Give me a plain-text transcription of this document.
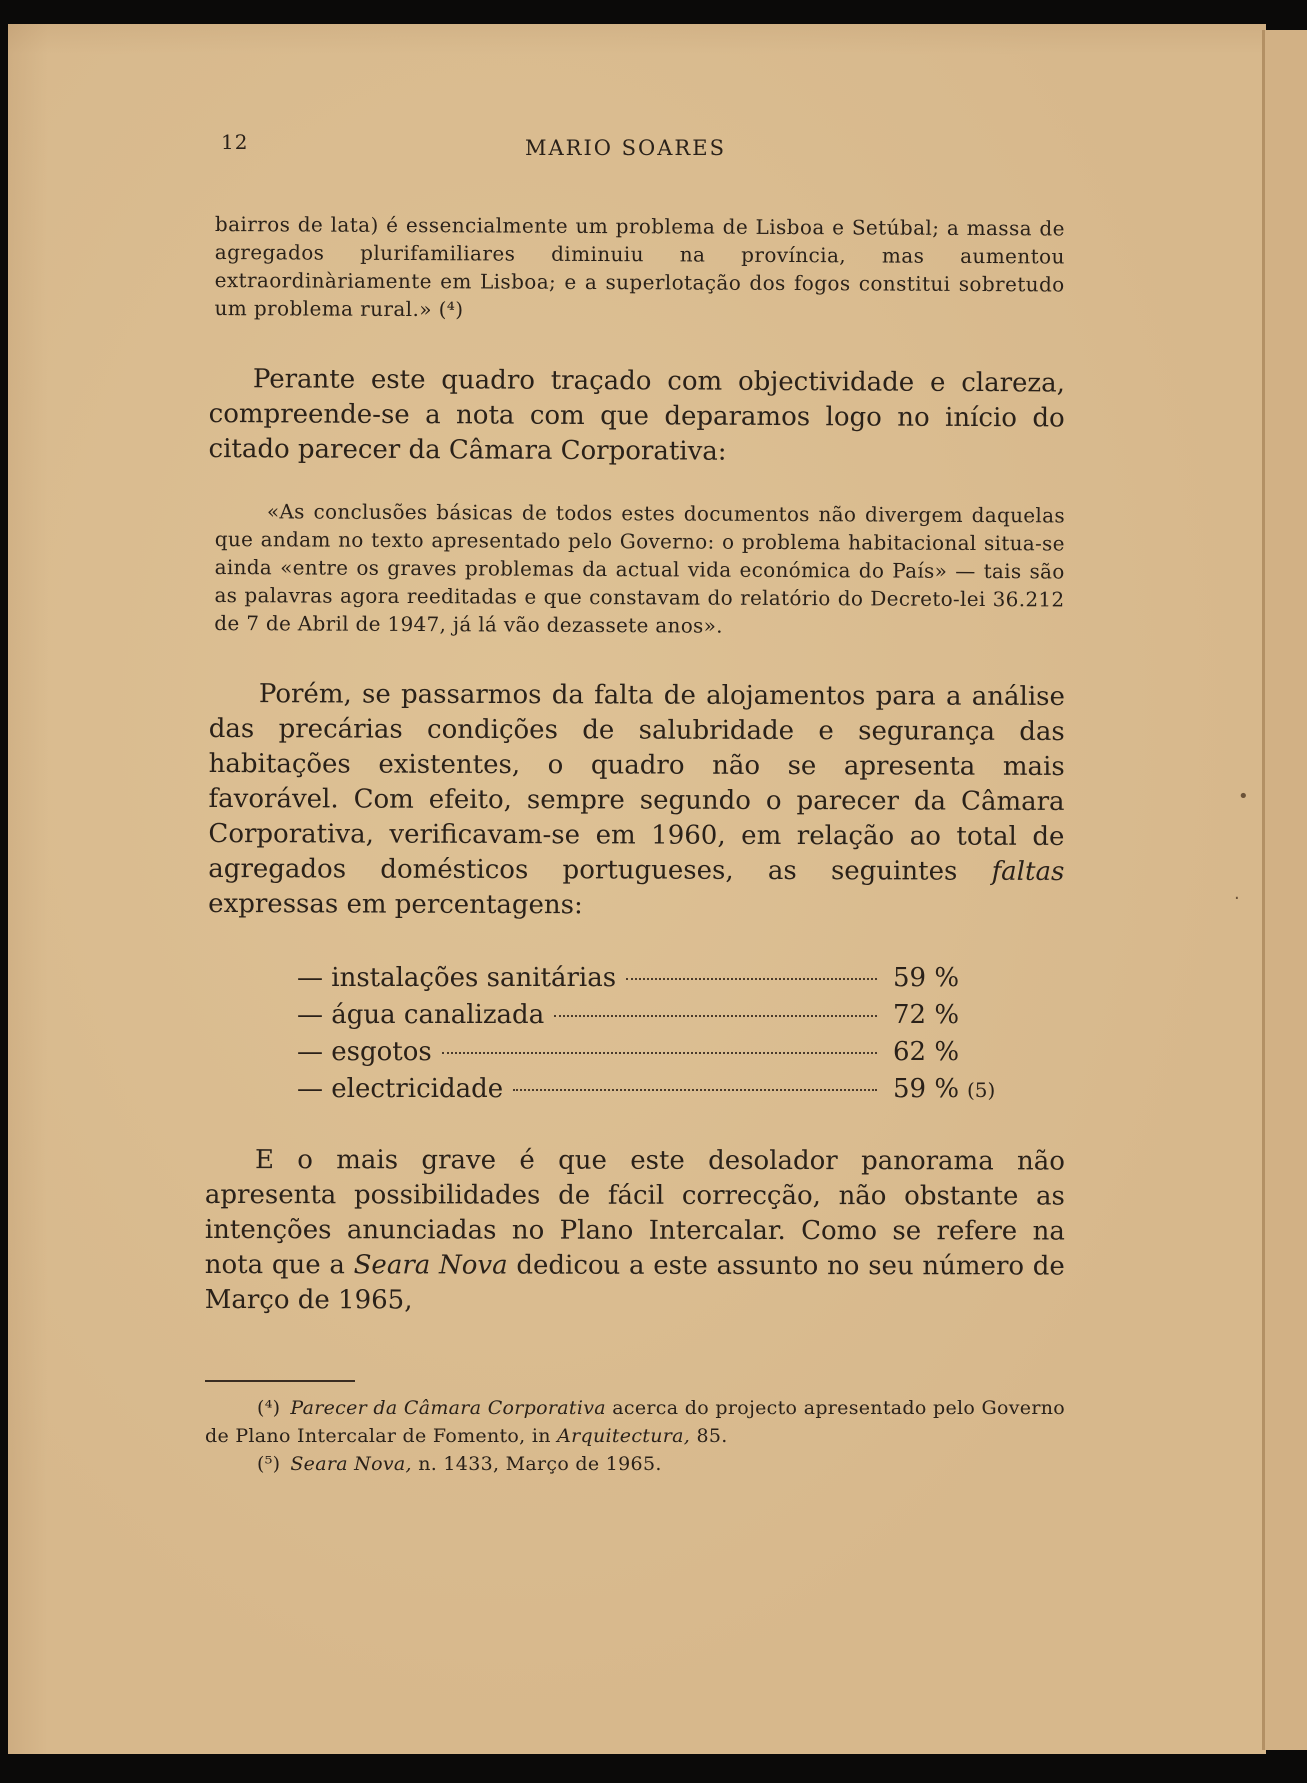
•
·
12	MARIO SOARES
bairros de lata) é essencialmente um problema de Lisboa e Setúbal; a massa de agregados plurifamiliares diminuiu na província, mas aumentou extraordinàriamente em Lisboa; e a superlotação dos fogos constitui sobretudo um problema rural.» (⁴)
Perante este quadro traçado com objectividade e clareza, compreende-se a nota com que deparamos logo no início do citado parecer da Câmara Corporativa:
«As conclusões básicas de todos estes documentos não divergem daquelas que andam no texto apresentado pelo Governo: o problema habitacional situa-se ainda «entre os graves problemas da actual vida económica do País» — tais são as palavras agora reeditadas e que constavam do relatório do Decreto-lei 36.212 de 7 de Abril de 1947, já lá vão dezassete anos».
Porém, se passarmos da falta de alojamentos para a análise das precárias condições de salubridade e segurança das habitações existentes, o quadro não se apresenta mais favorável. Com efeito, sempre segundo o parecer da Câmara Corporativa, verificavam-se em 1960, em relação ao total de agregados domésticos portugueses, as seguintes faltas expressas em percentagens:
— instalações sanitárias	59 %
— água canalizada	72 %
— esgotos	62 %
— electricidade	59 % (5)
E o mais grave é que este desolador panorama não apresenta possibilidades de fácil correcção, não obstante as intenções anunciadas no Plano Intercalar. Como se refere na nota que a Seara Nova dedicou a este assunto no seu número de Março de 1965,
(⁴) Parecer da Câmara Corporativa acerca do projecto apresentado pelo Governo de Plano Intercalar de Fomento, in Arquitectura, 85.
(⁵) Seara Nova, n. 1433, Março de 1965.
